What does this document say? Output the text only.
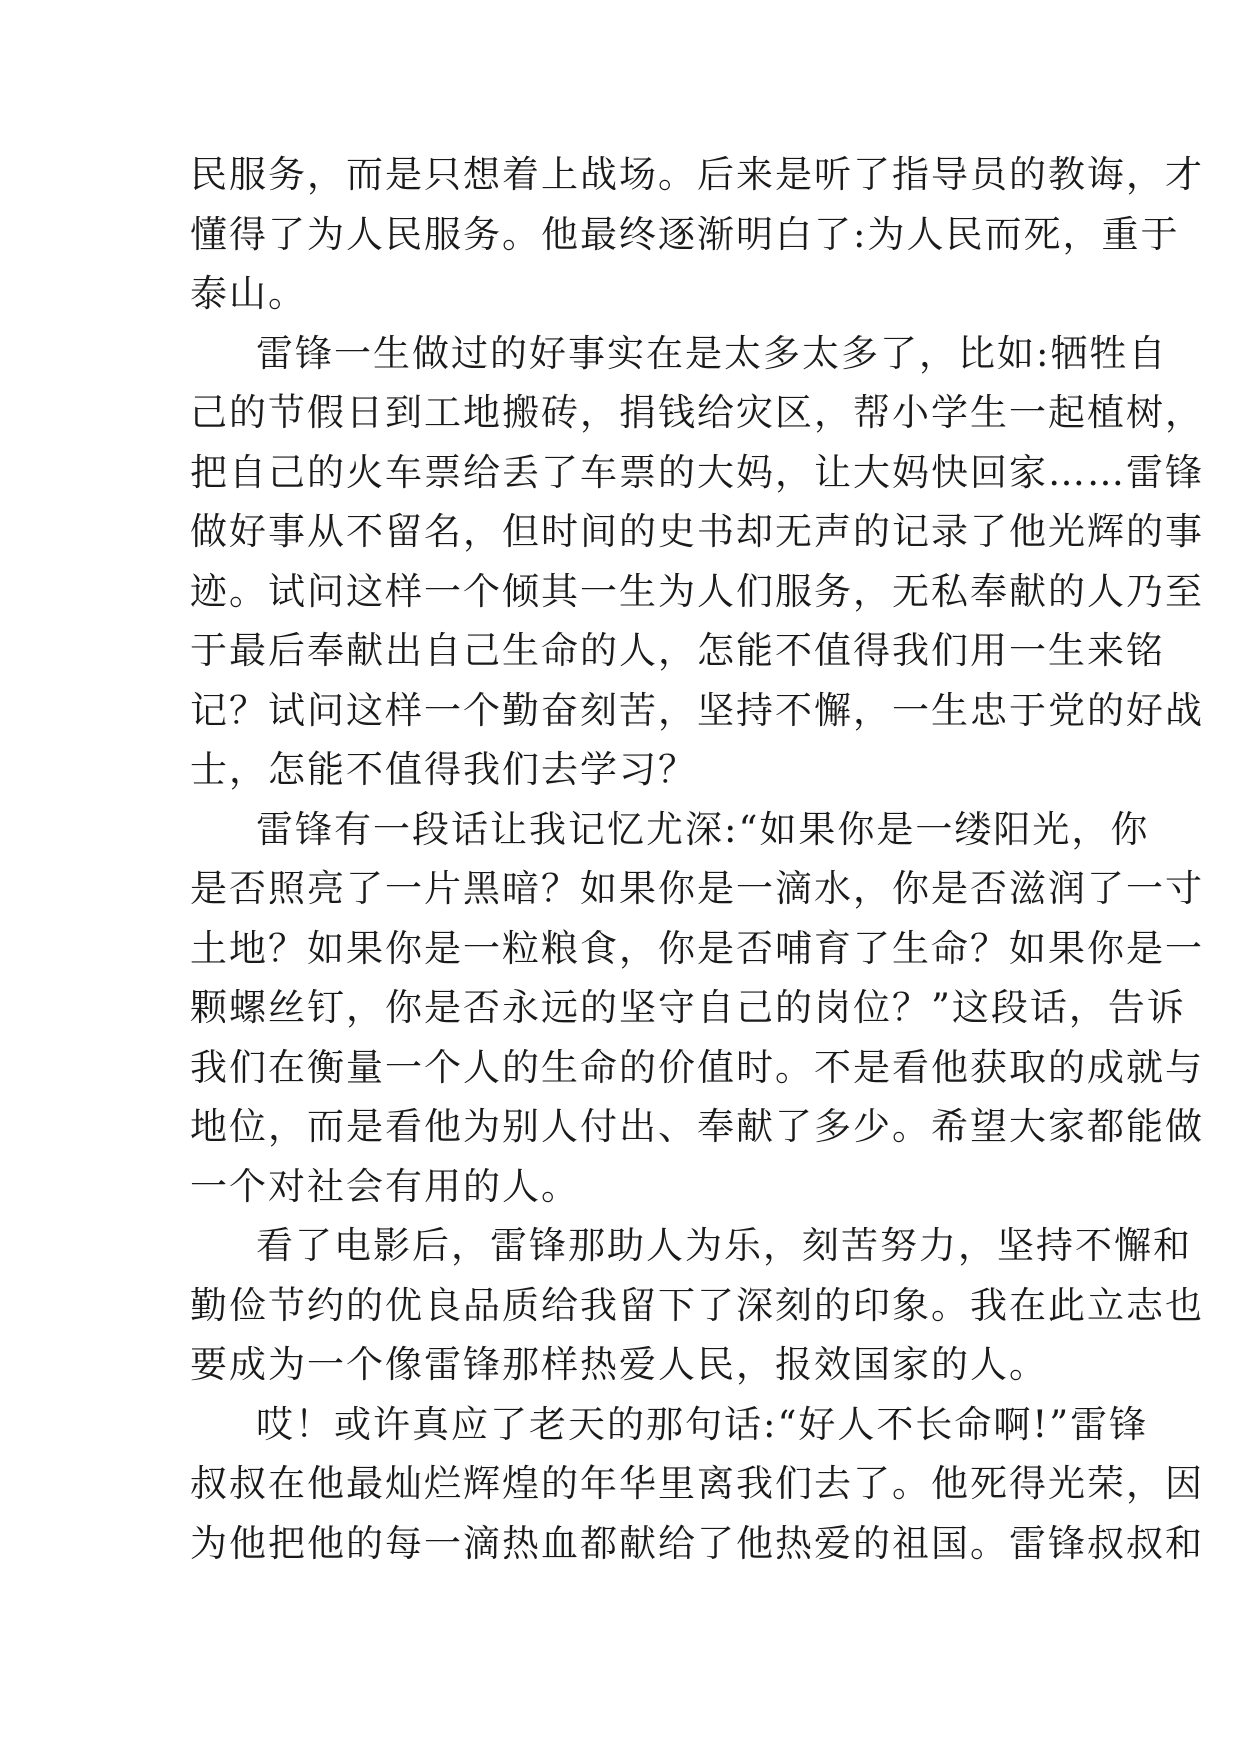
民服务，而是只想着上战场。后来是听了指导员的教诲，才
懂得了为人民服务。他最终逐渐明白了:为人民而死，重于
泰山。
雷锋一生做过的好事实在是太多太多了，比如:牺牲自
己的节假日到工地搬砖，捐钱给灾区，帮小学生一起植树，
把自己的火车票给丢了车票的大妈，让大妈快回家……雷锋
做好事从不留名，但时间的史书却无声的记录了他光辉的事
迹。试问这样一个倾其一生为人们服务，无私奉献的人乃至
于最后奉献出自己生命的人，怎能不值得我们用一生来铭
记？试问这样一个勤奋刻苦，坚持不懈，一生忠于党的好战
士，怎能不值得我们去学习？
雷锋有一段话让我记忆尤深:“如果你是一缕阳光，你
是否照亮了一片黑暗？如果你是一滴水，你是否滋润了一寸
土地？如果你是一粒粮食，你是否哺育了生命？如果你是一
颗螺丝钉，你是否永远的坚守自己的岗位？”这段话，告诉
我们在衡量一个人的生命的价值时。不是看他获取的成就与
地位，而是看他为别人付出、奉献了多少。希望大家都能做
一个对社会有用的人。
看了电影后，雷锋那助人为乐，刻苦努力，坚持不懈和
勤俭节约的优良品质给我留下了深刻的印象。我在此立志也
要成为一个像雷锋那样热爱人民，报效国家的人。
哎！或许真应了老天的那句话:“好人不长命啊!”雷锋
叔叔在他最灿烂辉煌的年华里离我们去了。他死得光荣，因
为他把他的每一滴热血都献给了他热爱的祖国。雷锋叔叔和
